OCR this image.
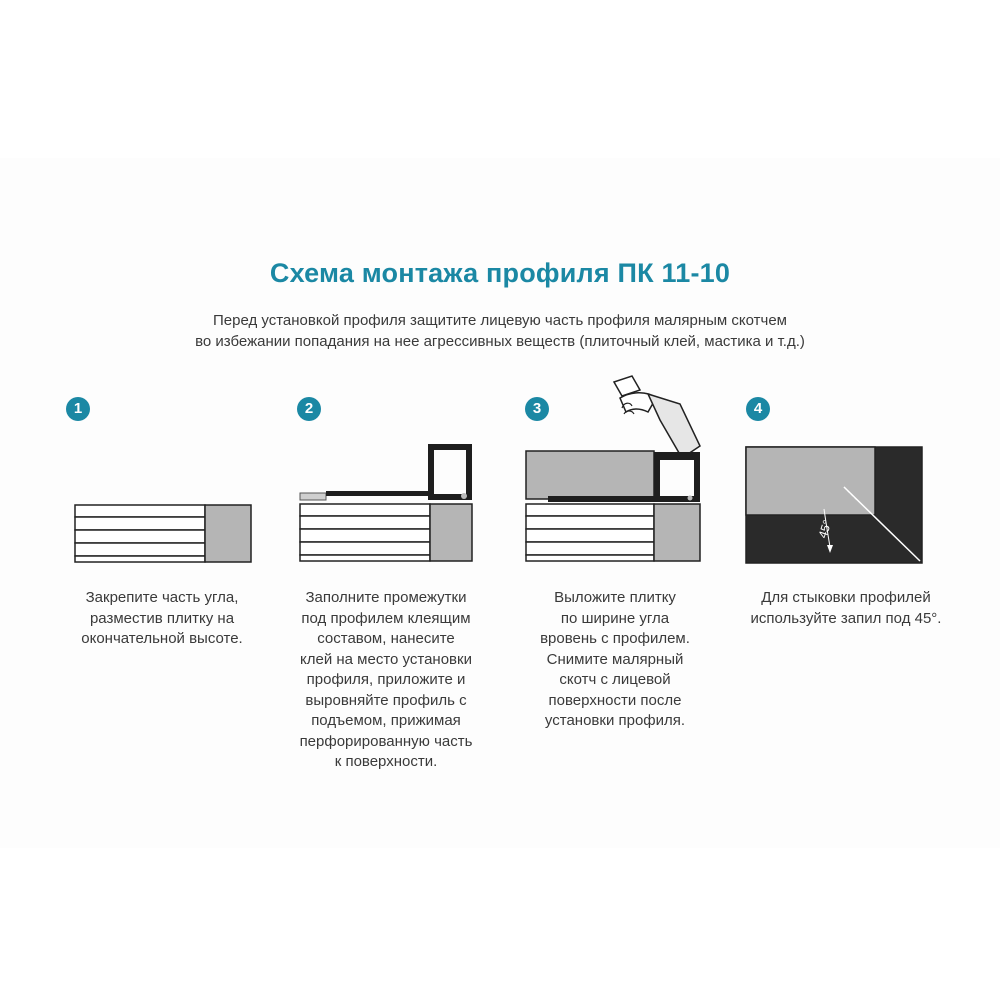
Схема монтажа профиля ПК 11-10
Перед установкой профиля защитите лицевую часть профиля малярным скотчем
во избежании попадания на нее агрессивных веществ (плиточный клей, мастика и т.д.)
1
Закрепите часть угла,
разместив плитку на
окончательной высоте.
2
Заполните промежутки
под профилем клеящим
составом, нанесите
клей на место установки
профиля, приложите и
выровняйте профиль с
подъемом, прижимая
перфорированную часть
к поверхности.
3
Выложите плитку
по ширине угла
вровень с профилем.
Снимите малярный
скотч с лицевой
поверхности после
установки профиля.
4
45°
Для стыковки профилей
используйте запил под 45°.
